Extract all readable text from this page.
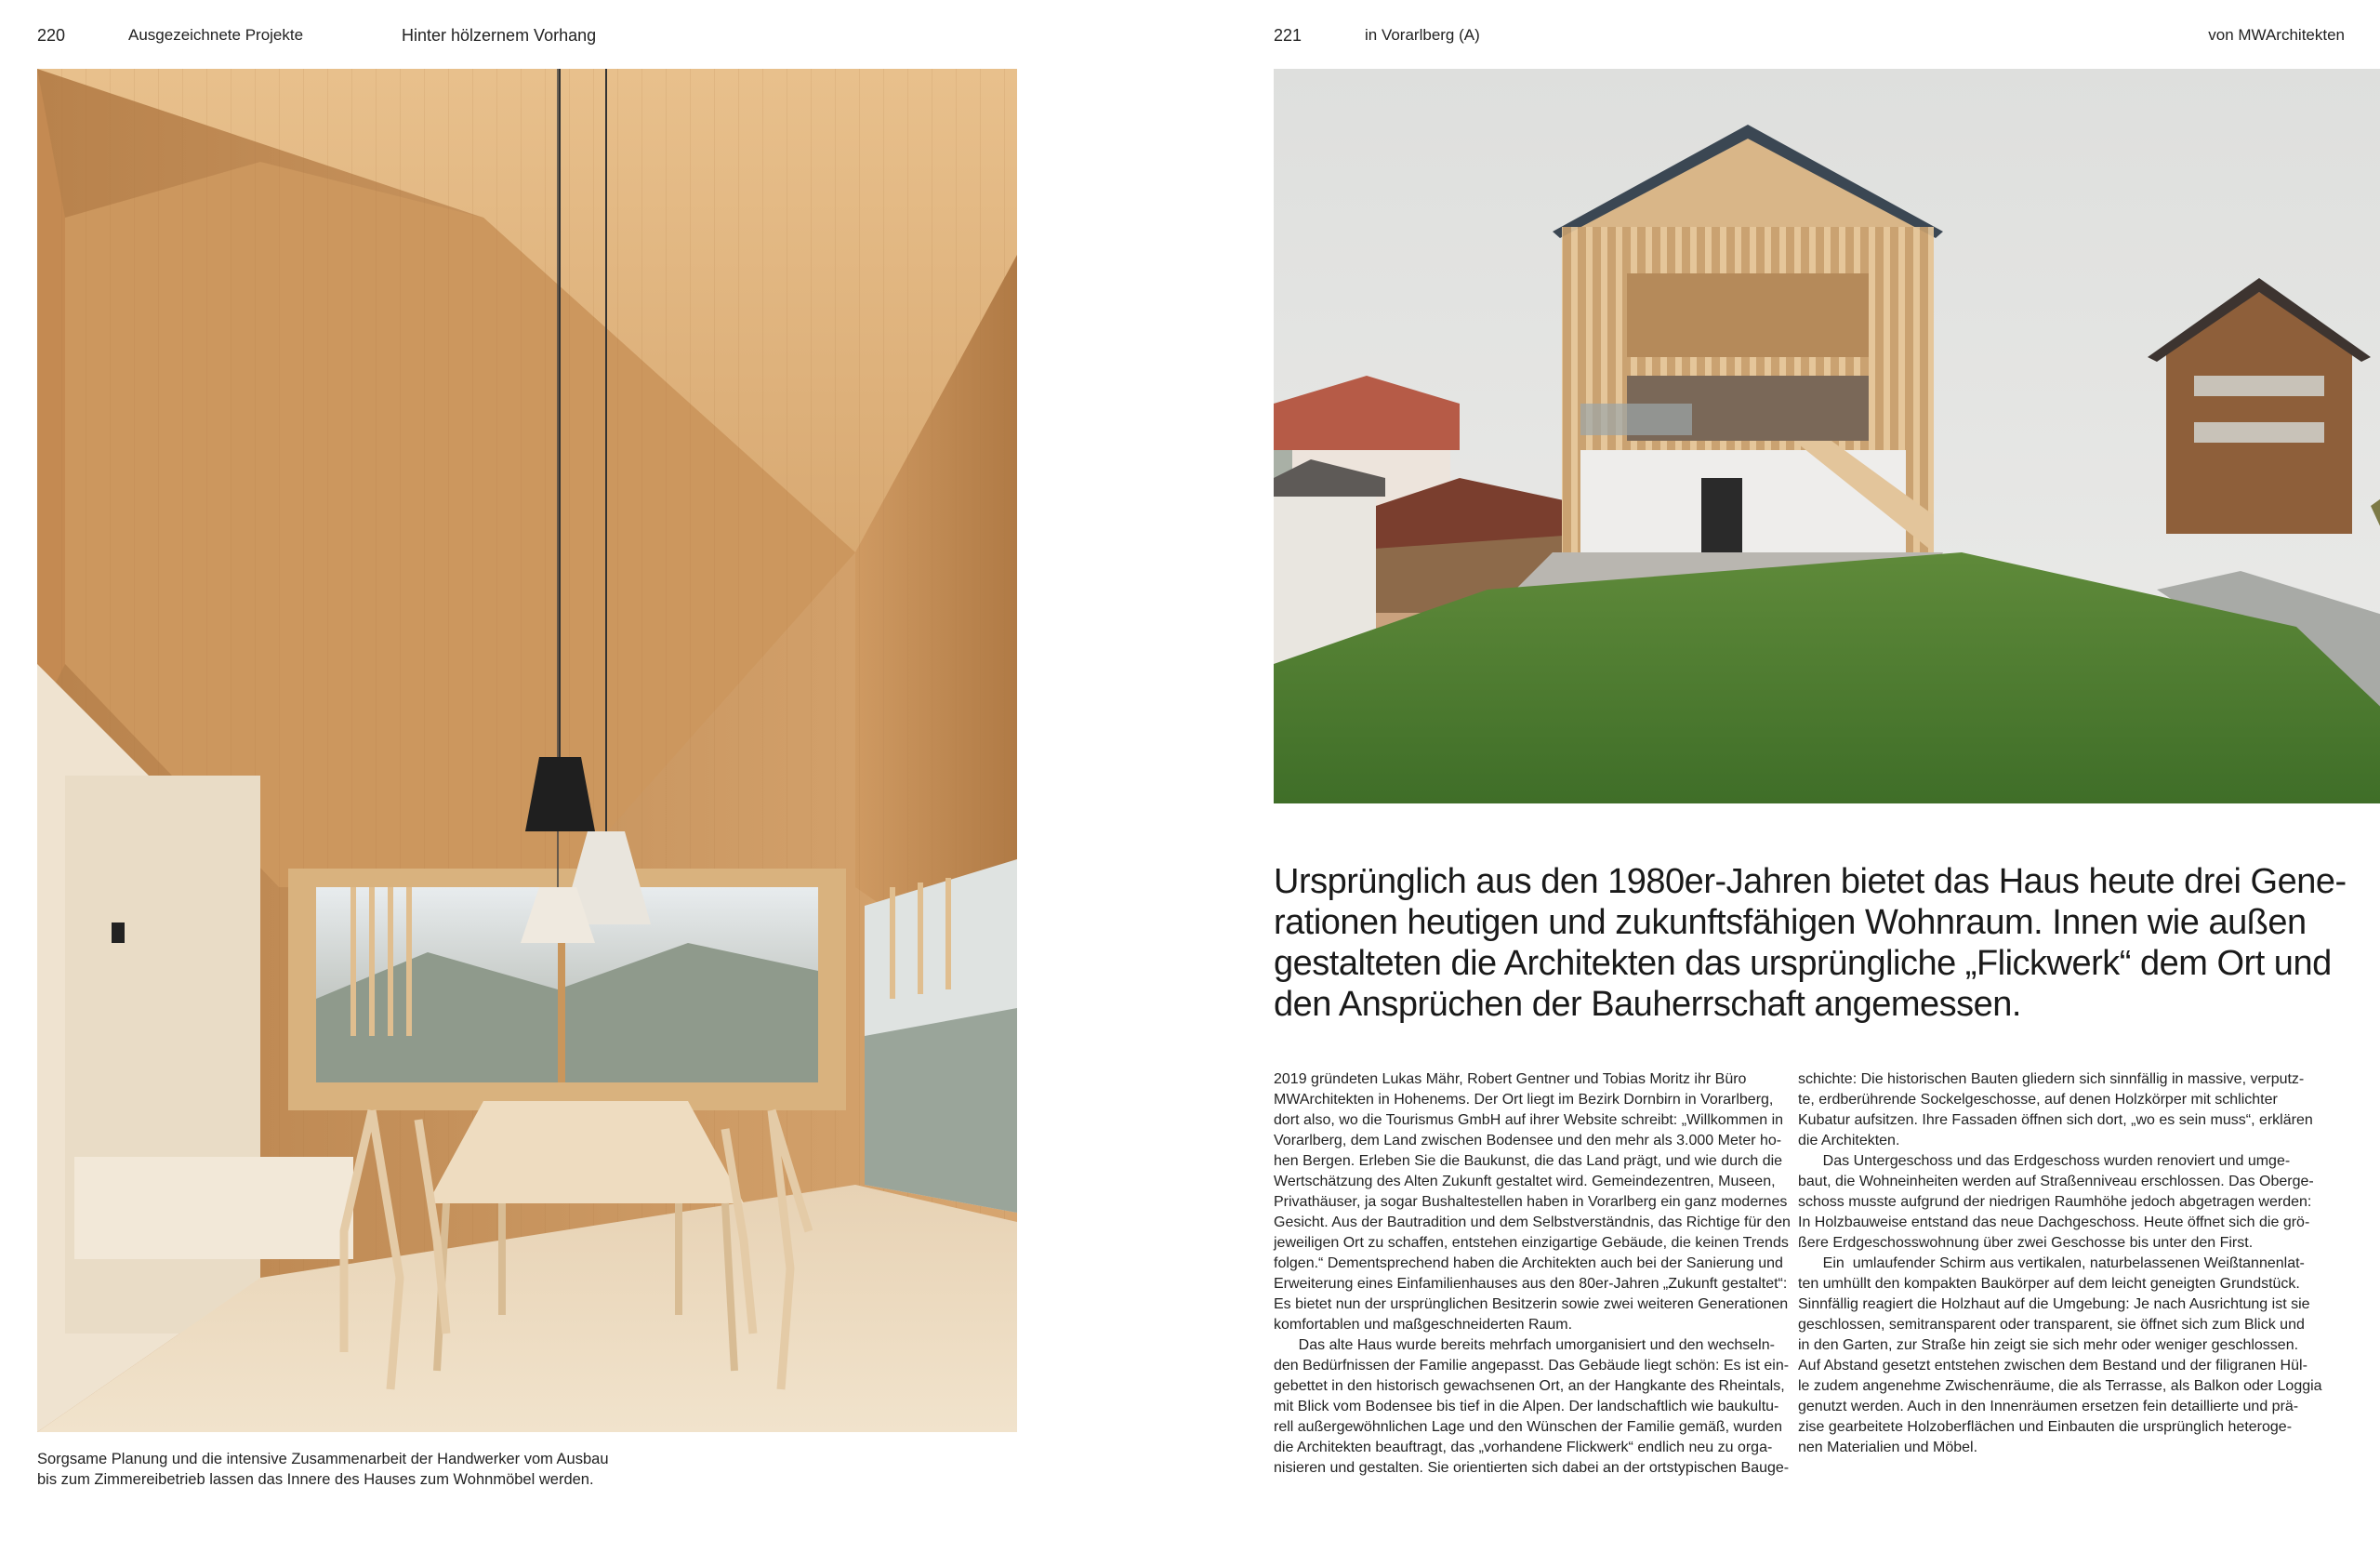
220	Ausgezeichnete Projekte	Hinter hölzernem Vorhang
Sorgsame Planung und die intensive Zusammenarbeit der Handwerker vom Ausbau
bis zum Zimmereibetrieb lassen das Innere des Hauses zum Wohnmöbel werden.
221	in Vorarlberg (A)	von MWArchitekten

Ursprünglich aus den 1980er-Jahren bietet das Haus heute drei Gene-

rationen heutigen und zukunftsfähigen Wohnraum. Innen wie außen

gestalteten die Architekten das ursprüngliche „Flickwerk“ dem Ort und

den Ansprüchen der Bauherrschaft angemessen.

2019 gründeten Lukas Mähr, Robert Gentner und Tobias Moritz ihr Büro

MWArchitekten in Hohenems. Der Ort liegt im Bezirk Dornbirn in Vorarlberg,

dort also, wo die Tourismus GmbH auf ihrer Website schreibt: „Willkommen in

Vorarlberg, dem Land zwischen Bodensee und den mehr als 3.000 Meter ho-

hen Bergen. Erleben Sie die Baukunst, die das Land prägt, und wie durch die

Wertschätzung des Alten Zukunft gestaltet wird. Gemeindezentren, Museen,

Privathäuser, ja sogar Bushaltestellen haben in Vorarlberg ein ganz modernes

Gesicht. Aus der Bautradition und dem Selbstverständnis, das Richtige für den

jeweiligen Ort zu schaffen, entstehen einzigartige Gebäude, die keinen Trends

folgen.“ Dementsprechend haben die Architekten auch bei der Sanierung und

Erweiterung eines Einfamilienhauses aus den 80er-Jahren „Zukunft gestaltet“:

Es bietet nun der ursprünglichen Besitzerin sowie zwei weiteren Generationen

komfortablen und maßgeschneiderten Raum.

Das alte Haus wurde bereits mehrfach umorganisiert und den wechseln-

den Bedürfnissen der Familie angepasst. Das Gebäude liegt schön: Es ist ein-

gebettet in den historisch gewachsenen Ort, an der Hangkante des Rheintals,

mit Blick vom Bodensee bis tief in die Alpen. Der landschaftlich wie baukultu-

rell außergewöhnlichen Lage und den Wünschen der Familie gemäß, wurden

die Architekten beauftragt, das „vorhandene Flickwerk“ endlich neu zu orga-

nisieren und gestalten. Sie orientierten sich dabei an der ortstypischen Bauge-

schichte: Die historischen Bauten gliedern sich sinnfällig in massive, verputz-

te, erdberührende Sockelgeschosse, auf denen Holzkörper mit schlichter

Kubatur aufsitzen. Ihre Fassaden öffnen sich dort, „wo es sein muss“, erklären

die Architekten.

Das Untergeschoss und das Erdgeschoss wurden renoviert und umge-

baut, die Wohneinheiten werden auf Straßenniveau erschlossen. Das Oberge-

schoss musste aufgrund der niedrigen Raumhöhe jedoch abgetragen werden:

In Holzbauweise entstand das neue Dachgeschoss. Heute öffnet sich die grö-

ßere Erdgeschosswohnung über zwei Geschosse bis unter den First.

Ein  umlaufender Schirm aus vertikalen, naturbelassenen Weißtannenlat-

ten umhüllt den kompakten Baukörper auf dem leicht geneigten Grundstück.

Sinnfällig reagiert die Holzhaut auf die Umgebung: Je nach Ausrichtung ist sie

geschlossen, semitransparent oder transparent, sie öffnet sich zum Blick und

in den Garten, zur Straße hin zeigt sie sich mehr oder weniger geschlossen.

Auf Abstand gesetzt entstehen zwischen dem Bestand und der filigranen Hül-

le zudem angenehme Zwischenräume, die als Terrasse, als Balkon oder Loggia

genutzt werden. Auch in den Innenräumen ersetzen fein detaillierte und prä-

zise gearbeitete Holzoberflächen und Einbauten die ursprünglich heteroge-

nen Materialien und Möbel.
